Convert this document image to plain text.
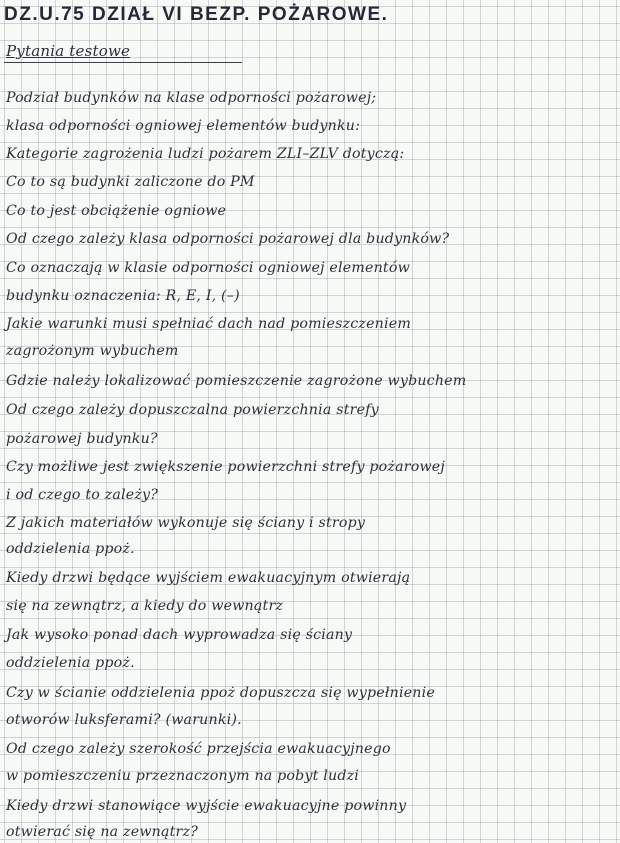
DZ.U.75 DZIAŁ VI BEZP. POŻAROWE.

Pytania testowe

Podział budynków na klase odporności pożarowej;

klasa odporności ogniowej elementów budynku:

Kategorie zagrożenia ludzi pożarem ZLI–ZLV dotyczą:

Co to są budynki zaliczone do PM

Co to jest obciążenie ogniowe

Od czego zależy klasa odporności pożarowej dla budynków?

Co oznaczają w klasie odporności ogniowej elementów

budynku oznaczenia: R, E, I, (–)

Jakie warunki musi spełniać dach nad pomieszczeniem

zagrożonym wybuchem

Gdzie należy lokalizować pomieszczenie zagrożone wybuchem

Od czego zależy dopuszczalna powierzchnia strefy

pożarowej budynku?

Czy możliwe jest zwiększenie powierzchni strefy pożarowej

i od czego to zależy?

Z jakich materiałów wykonuje się ściany i stropy

oddzielenia ppoż.

Kiedy drzwi będące wyjściem ewakuacyjnym otwierają

się na zewnątrz, a kiedy do wewnątrz

Jak wysoko ponad dach wyprowadza się ściany

oddzielenia ppoż.

Czy w ścianie oddzielenia ppoż dopuszcza się wypełnienie

otworów luksferami? (warunki).

Od czego zależy szerokość przejścia ewakuacyjnego

w pomieszczeniu przeznaczonym na pobyt ludzi

Kiedy drzwi stanowiące wyjście ewakuacyjne powinny

otwierać się na zewnątrz?
